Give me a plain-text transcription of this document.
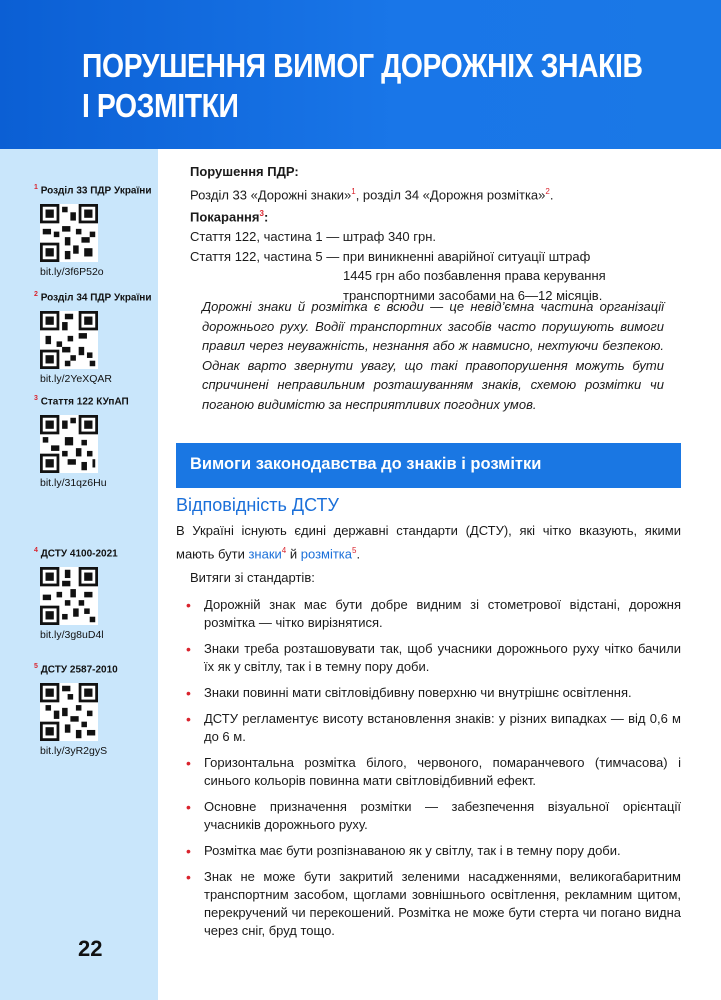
ПОРУШЕННЯ ВИМОГ ДОРОЖНІХ ЗНАКІВ
І РОЗМІТКИ
$^1$ Розділ 33 ПДР України
bit.ly/3f6P52o
$^2$ Розділ 34 ПДР України
bit.ly/2YeXQAR
$^3$ Стаття 122 КУпАП
bit.ly/31qz6Hu
$^4$ ДСТУ 4100-2021
bit.ly/3g8uD4l
$^5$ ДСТУ 2587-2010
bit.ly/3yR2gyS
22
Порушення ПДР:
Розділ 33 «Дорожні знаки»$^1$, розділ 34 «Дорожня розмітка»$^2$.
Покарання$^3$:
Стаття 122, частина 1 — штраф 340 грн.
Стаття 122, частина 5 — при виникненні аварійної ситуації штраф
1445 грн або позбавлення права керування
транспортними засобами на 6—12 місяців.
Дорожні знаки й розмітка є всюди — це невід’ємна частина організації дорожнього руху. Водії транспортних засобів часто порушують вимоги правил через неуважність, незнання або ж навмисно, нехтуючи безпекою. Однак варто звернути увагу, що такі правопорушення можуть бути спричинені неправильним розташуванням знаків, схемою розмітки чи поганою видимістю за несприятливих погодних умов.
Вимоги законодавства до знаків і розмітки
Відповідність ДСТУ
В Україні існують єдині державні стандарти (ДСТУ), які чітко вказують, якими мають бути знаки$^4$ й розмітка$^5$.
Витяги зі стандартів:
• Дорожній знак має бути добре видним зі стометрової відстані, дорожня розмітка — чітко вирізнятися.
• Знаки треба розташовувати так, щоб учасники дорожнього руху чітко бачили їх як у світлу, так і в темну пору доби.
• Знаки повинні мати світловідбивну поверхню чи внутрішнє освітлення.
• ДСТУ регламентує висоту встановлення знаків: у різних випадках — від 0,6 м до 6 м.
• Горизонтальна розмітка білого, червоного, помаранчевого (тимчасова) і синього кольорів повинна мати світловідбивний ефект.
• Основне призначення розмітки — забезпечення візуальної орієнтації учасників дорожнього руху.
• Розмітка має бути розпізнаваною як у світлу, так і в темну пору доби.
• Знак не може бути закритий зеленими насадженнями, великогабаритним транспортним засобом, щоглами зовнішнього освітлення, рекламним щитом, перекручений чи перекошений. Розмітка не може бути стерта чи погано видна через сніг, бруд тощо.
